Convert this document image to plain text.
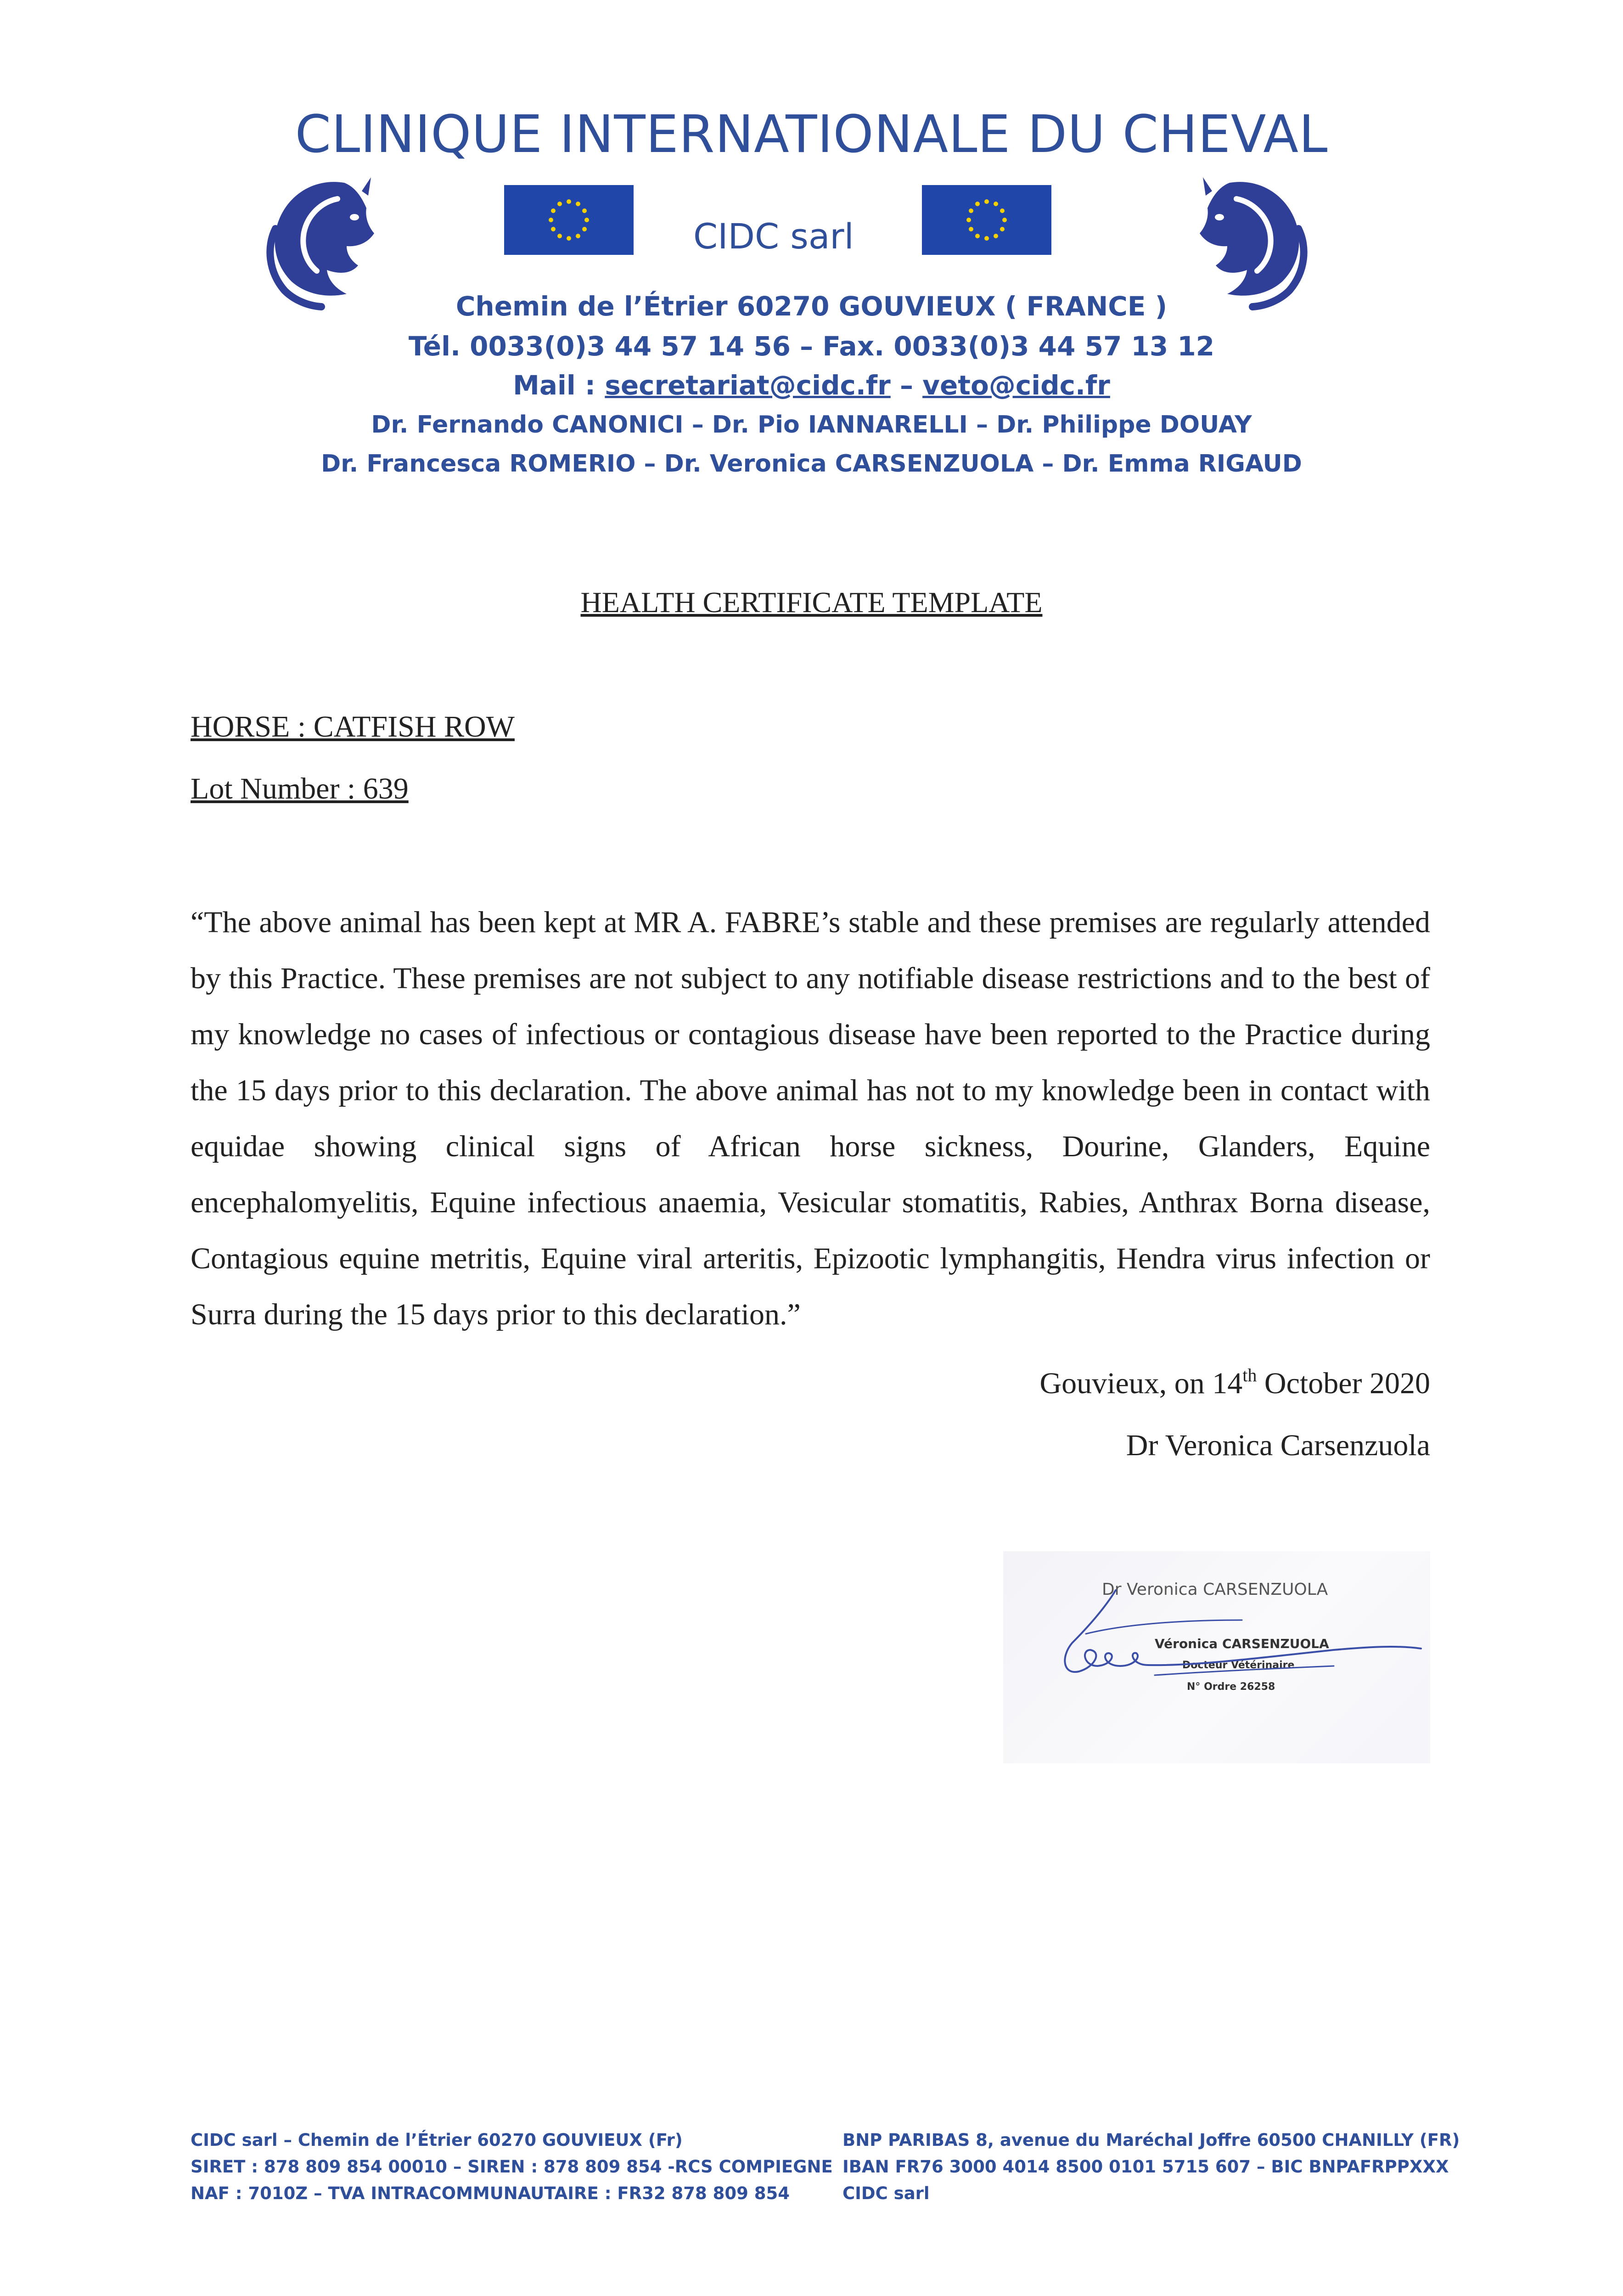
CLINIQUE INTERNATIONALE DU CHEVAL
CIDC sarl
Chemin de l’Étrier 60270 GOUVIEUX ( FRANCE )
Tél. 0033(0)3 44 57 14 56 – Fax. 0033(0)3 44 57 13 12
Mail : secretariat@cidc.fr – veto@cidc.fr
Dr. Fernando CANONICI – Dr. Pio IANNARELLI – Dr. Philippe DOUAY
Dr. Francesca ROMERIO – Dr. Veronica CARSENZUOLA – Dr. Emma RIGAUD
HEALTH CERTIFICATE TEMPLATE
HORSE : CATFISH ROW
Lot Number : 639
“The above animal has been kept at MR A. FABRE’s stable and these premises are regularly attended by this Practice. These premises are not subject to any notifiable disease restrictions and to the best of my knowledge no cases of infectious or contagious disease have been reported to the Practice during the 15 days prior to this declaration. The above animal has not to my knowledge been in contact with equidae showing clinical signs of African horse sickness, Dourine, Glanders, Equine encephalomyelitis, Equine infectious anaemia, Vesicular stomatitis, Rabies, Anthrax Borna disease, Contagious equine metritis, Equine viral arteritis, Epizootic lymphangitis, Hendra virus infection or Surra during the 15 days prior to this declaration.”
Gouvieux, on 14th October 2020
Dr Veronica Carsenzuola
Dr Veronica CARSENZUOLA
Véronica CARSENZUOLA
Docteur Vétérinaire
N° Ordre 26258
CIDC sarl – Chemin de l’Étrier 60270 GOUVIEUX (Fr)
SIRET : 878 809 854 00010 – SIREN : 878 809 854 -RCS COMPIEGNE
NAF : 7010Z – TVA INTRACOMMUNAUTAIRE : FR32 878 809 854
BNP PARIBAS 8, avenue du Maréchal Joffre 60500 CHANILLY (FR)
IBAN FR76 3000 4014 8500 0101 5715 607 – BIC BNPAFRPPXXX
CIDC sarl
